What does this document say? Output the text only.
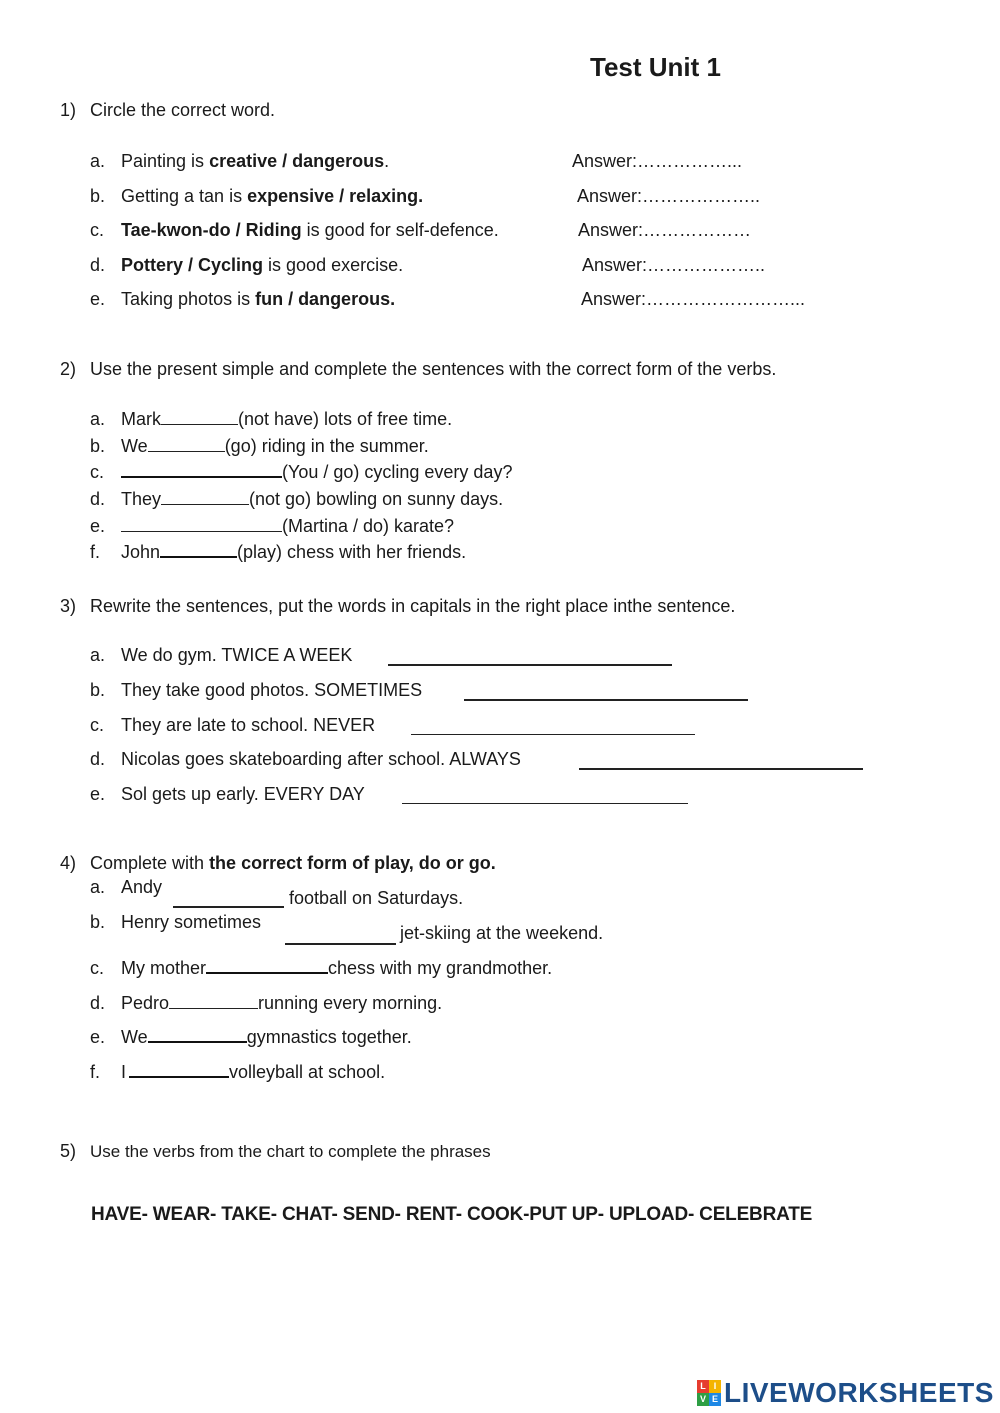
Test Unit 1
1) Circle the correct word.
a. Painting is creative / dangerous.	Answer:……………...
b. Getting a tan is expensive / relaxing.	Answer:………………..
c. Tae-kwon-do / Riding is good for self-defence.	Answer:………………
d. Pottery / Cycling is good exercise.	Answer:………………..
e. Taking photos is fun / dangerous.	Answer:……………………...
2) Use the present simple and complete the sentences with the correct form of the verbs.
a. Mark	(not have) lots of free time.
b. We	(go) riding in the summer.
c.	(You / go) cycling every day?
d. They	(not go) bowling on sunny days.
e.	(Martina / do) karate?
f. John	(play) chess with her friends.
3) Rewrite the sentences, put the words in capitals in the right place inthe sentence.
a. We do gym. TWICE A WEEK
b. They take good photos. SOMETIMES
c. They are late to school. NEVER
d. Nicolas goes skateboarding after school. ALWAYS
e. Sol gets up early. EVERY DAY
4) Complete with the correct form of play, do or go.
a. Andy
football on Saturdays.
b. Henry sometimes
jet-skiing at the weekend.
c. My mother	chess with my grandmother.
d. Pedro	running every morning.
e. We	gymnastics together.
f. I	volleyball at school.
5) Use the verbs from the chart to complete the phrases
HAVE- WEAR- TAKE- CHAT- SEND- RENT- COOK-PUT UP- UPLOAD- CELEBRATE
L I
V E LIVEWORKSHEETS
